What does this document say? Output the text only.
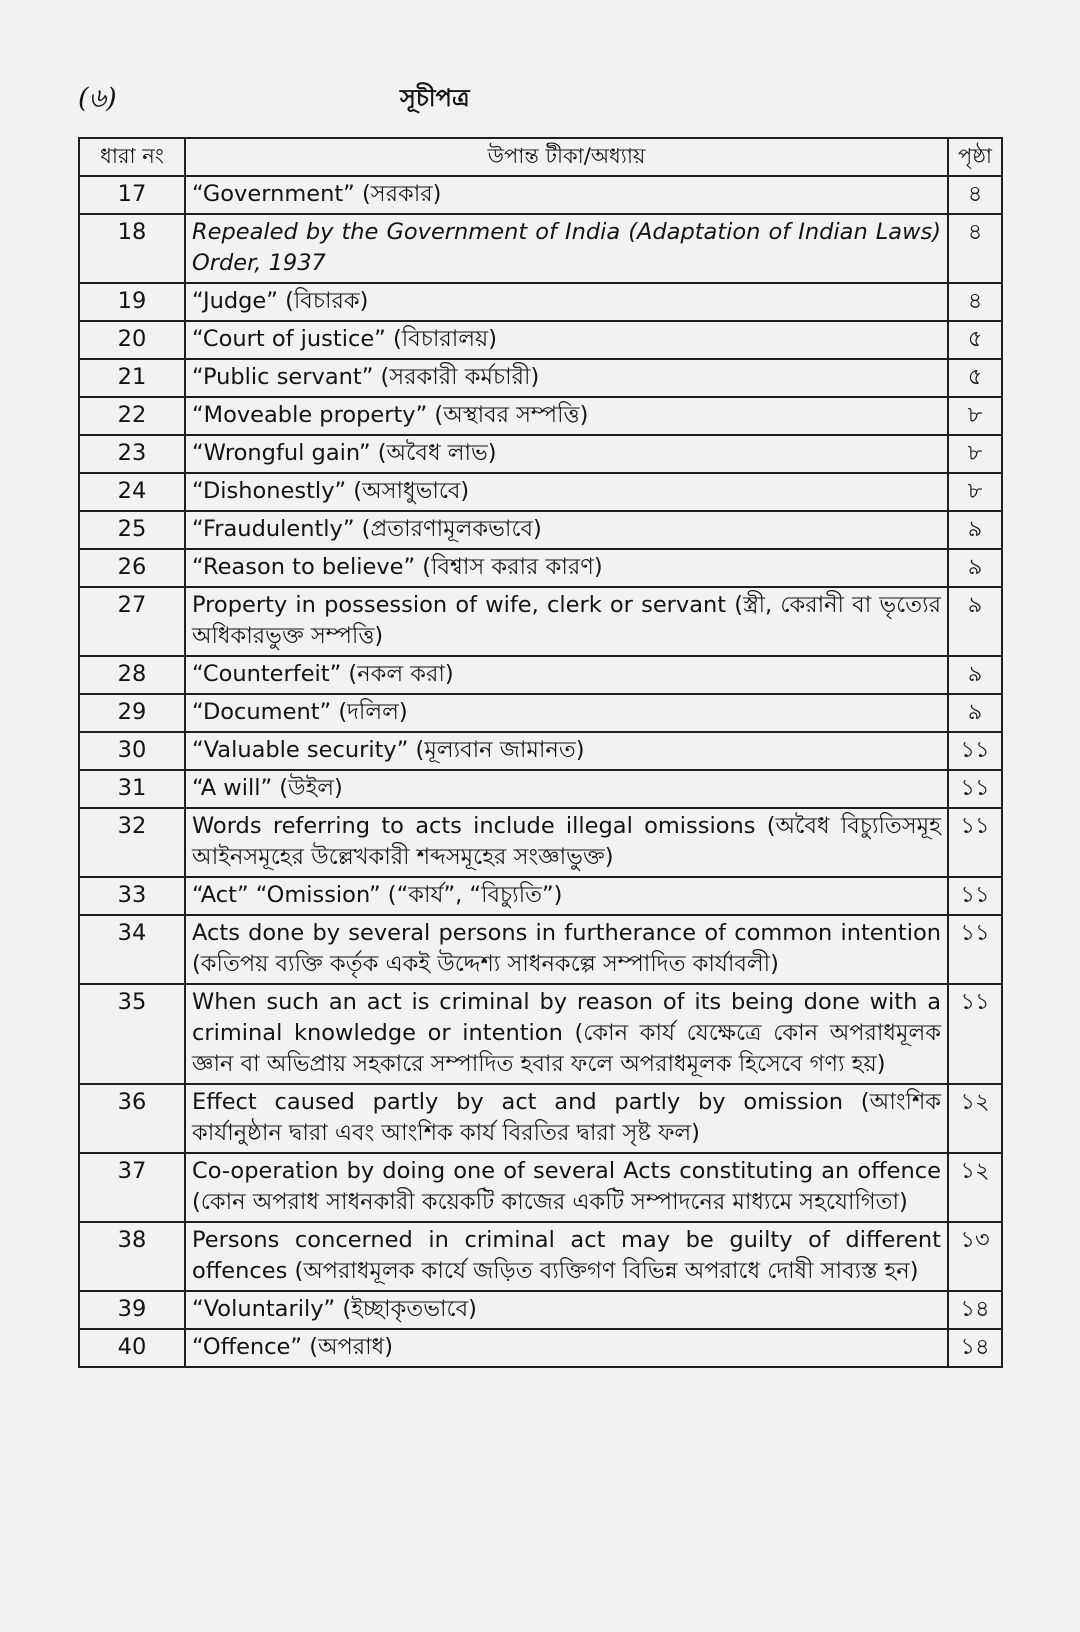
(৬)	সূচীপত্র
ধারা নং	উপান্ত টীকা/অধ্যায়	পৃষ্ঠা
17	“Government” (সরকার)	৪
18	Repealed by the Government of India (Adaptation of Indian Laws) Order, 1937	৪
19	“Judge” (বিচারক)	৪
20	“Court of justice” (বিচারালয়)	৫
21	“Public servant” (সরকারী কর্মচারী)	৫
22	“Moveable property” (অস্থাবর সম্পত্তি)	৮
23	“Wrongful gain” (অবৈধ লাভ)	৮
24	“Dishonestly” (অসাধুভাবে)	৮
25	“Fraudulently” (প্রতারণামূলকভাবে)	৯
26	“Reason to believe” (বিশ্বাস করার কারণ)	৯
27	Property in possession of wife, clerk or servant (স্ত্রী, কেরানী বা ভৃত্যের অধিকারভুক্ত সম্পত্তি)	৯
28	“Counterfeit” (নকল করা)	৯
29	“Document” (দলিল)	৯
30	“Valuable security” (মূল্যবান জামানত)	১১
31	“A will” (উইল)	১১
32	Words referring to acts include illegal omissions (অবৈধ বিচ্যুতিসমূহ আইনসমূহের উল্লেখকারী শব্দসমূহের সংজ্ঞাভুক্ত)	১১
33	“Act” “Omission” (“কার্য”, “বিচ্যুতি”)	১১
34	Acts done by several persons in furtherance of common intention (কতিপয় ব্যক্তি কর্তৃক একই উদ্দেশ্য সাধনকল্পে সম্পাদিত কার্যাবলী)	১১
35	When such an act is criminal by reason of its being done with a criminal knowledge or intention (কোন কার্য যেক্ষেত্রে কোন অপরাধমূলক জ্ঞান বা অভিপ্রায় সহকারে সম্পাদিত হবার ফলে অপরাধমূলক হিসেবে গণ্য হয়)	১১
36	Effect caused partly by act and partly by omission (আংশিক কার্যানুষ্ঠান দ্বারা এবং আংশিক কার্য বিরতির দ্বারা সৃষ্ট ফল)	১২
37	Co-operation by doing one of several Acts constituting an offence (কোন অপরাধ সাধনকারী কয়েকটি কাজের একটি সম্পাদনের মাধ্যমে সহযোগিতা)	১২
38	Persons concerned in criminal act may be guilty of different offences (অপরাধমূলক কার্যে জড়িত ব্যক্তিগণ বিভিন্ন অপরাধে দোষী সাব্যস্ত হন)	১৩
39	“Voluntarily” (ইচ্ছাকৃতভাবে)	১৪
40	“Offence” (অপরাধ)	১৪
